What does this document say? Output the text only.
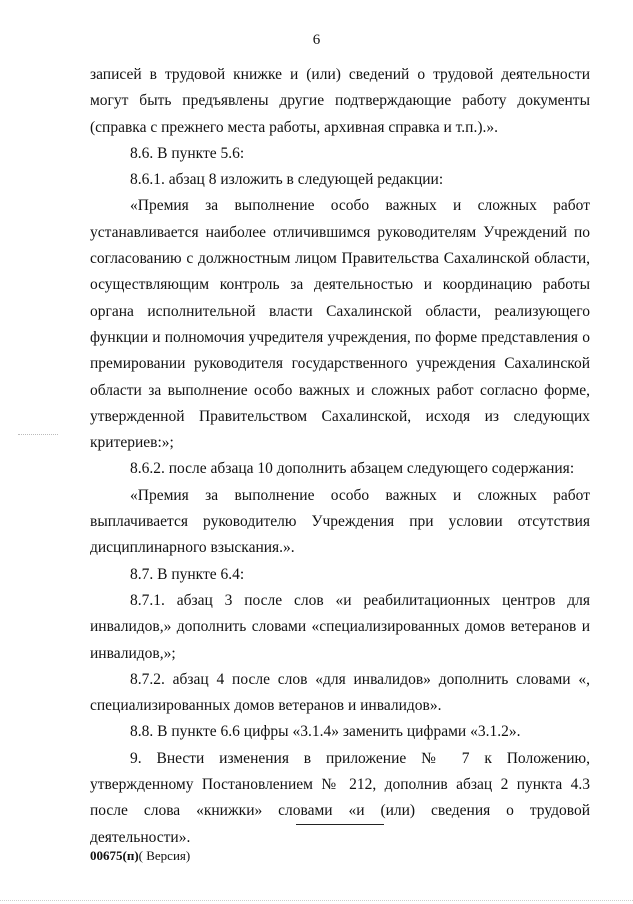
6

записей в трудовой книжке и (или) сведений о трудовой деятельности могут быть предъявлены другие подтверждающие работу документы (справка с прежнего места работы, архивная справка и т.п.).».

8.6. В пункте 5.6:

8.6.1. абзац 8 изложить в следующей редакции:

«Премия за выполнение особо важных и сложных работ устанавливается наиболее отличившимся руководителям Учреждений по согласованию с должностным лицом Правительства Сахалинской области, осуществляющим контроль за деятельностью и координацию работы органа исполнительной власти Сахалинской области, реализующего функции и полномочия учредителя учреждения, по форме представления о премировании руководителя государственного учреждения Сахалинской области за выполнение особо важных и сложных работ согласно форме, утвержденной Правительством Сахалинской, исходя из следующих критериев:»;

8.6.2. после абзаца 10 дополнить абзацем следующего содержания:

«Премия за выполнение особо важных и сложных работ выплачивается руководителю Учреждения при условии отсутствия дисциплинарного взыскания.».

8.7. В пункте 6.4:

8.7.1. абзац 3 после слов «и реабилитационных центров для инвалидов,» дополнить словами «специализированных домов ветеранов и инвалидов,»;

8.7.2. абзац 4 после слов «для инвалидов» дополнить словами «, специализированных домов ветеранов и инвалидов».

8.8. В пункте 6.6 цифры «3.1.4» заменить цифрами «3.1.2».

9. Внести изменения в приложение № 7 к Положению, утвержденному Постановлением № 212, дополнив абзац 2 пункта 4.3 после слова «книжки» словами «и (или) сведения о трудовой деятельности».

00675(п)( Версия)
